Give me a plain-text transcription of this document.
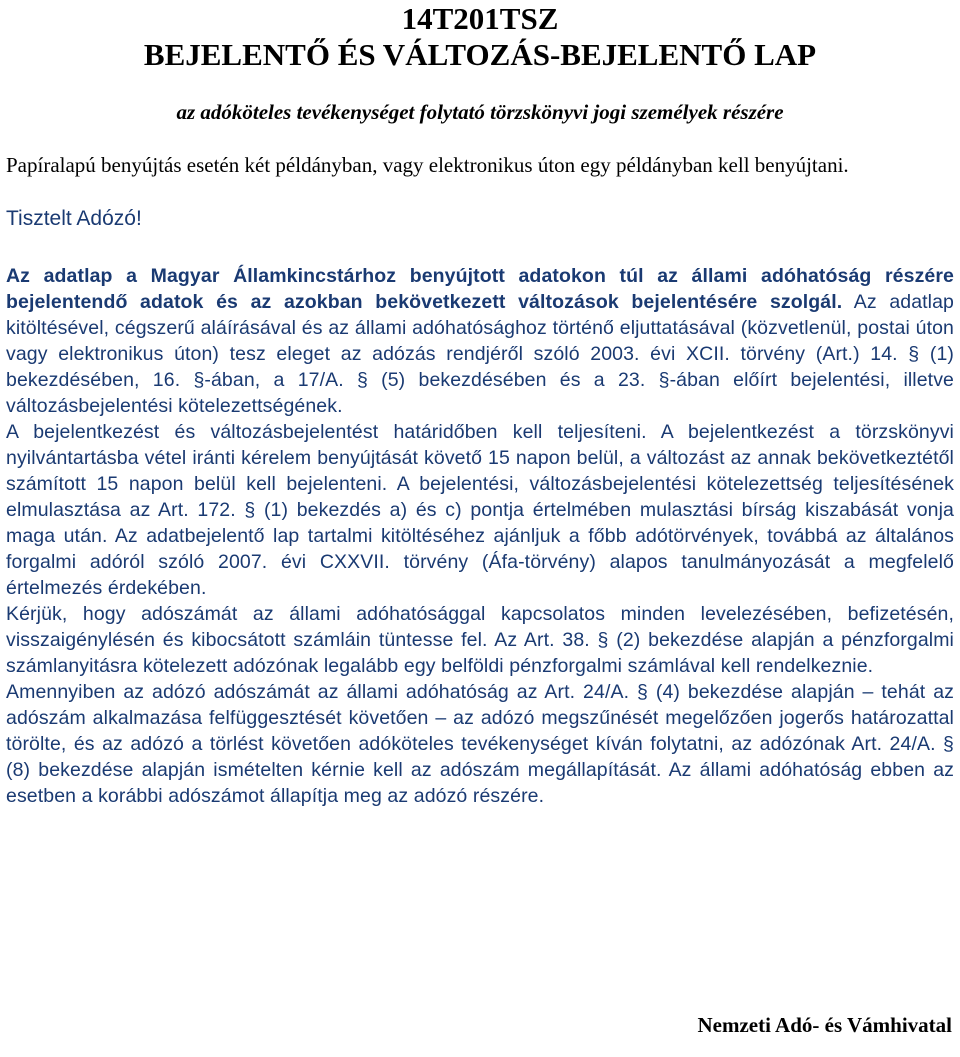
14T201TSZ
BEJELENTŐ ÉS VÁLTOZÁS-BEJELENTŐ LAP
az adóköteles tevékenységet folytató törzskönyvi jogi személyek részére
Papíralapú benyújtás esetén két példányban, vagy elektronikus úton egy példányban kell benyújtani.
Tisztelt Adózó!

Az adatlap a Magyar Államkincstárhoz benyújtott adatokon túl az állami adóhatóság részére bejelentendő adatok és az azokban bekövetkezett változások bejelentésére szolgál. Az adatlap kitöltésével, cégszerű aláírásával és az állami adóhatósághoz történő eljuttatásával (közvetlenül, postai úton vagy elektronikus úton) tesz eleget az adózás rendjéről szóló 2003. évi XCII. törvény (Art.) 14. § (1) bekezdésében, 16. §-ában, a 17/A. § (5) bekezdésében és a 23. §-ában előírt bejelentési, illetve változásbejelentési kötelezettségének.

A bejelentkezést és változásbejelentést határidőben kell teljesíteni. A bejelentkezést a törzskönyvi nyilvántartásba vétel iránti kérelem benyújtását követő 15 napon belül, a változást az annak bekövetkeztétől számított 15 napon belül kell bejelenteni. A bejelentési, változásbejelentési kötelezettség teljesítésének elmulasztása az Art. 172. § (1) bekezdés a) és c) pontja értelmében mulasztási bírság kiszabását vonja maga után. Az adatbejelentő lap tartalmi kitöltéséhez ajánljuk a főbb adótörvények, továbbá az általános forgalmi adóról szóló 2007. évi CXXVII. törvény (Áfa-törvény) alapos tanulmányozását a megfelelő értelmezés érdekében.

Kérjük, hogy adószámát az állami adóhatósággal kapcsolatos minden levelezésében, befizetésén, visszaigénylésén és kibocsátott számláin tüntesse fel. Az Art. 38. § (2) bekezdése alapján a pénzforgalmi számlanyitásra kötelezett adózónak legalább egy belföldi pénzforgalmi számlával kell rendelkeznie.

Amennyiben az adózó adószámát az állami adóhatóság az Art. 24/A. § (4) bekezdése alapján – tehát az adószám alkalmazása felfüggesztését követően – az adózó megszűnését megelőzően jogerős határozattal törölte, és az adózó a törlést követően adóköteles tevékenységet kíván folytatni, az adózónak Art. 24/A. § (8) bekezdése alapján ismételten kérnie kell az adószám megállapítását. Az állami adóhatóság ebben az esetben a korábbi adószámot állapítja meg az adózó részére.

Nemzeti Adó- és Vámhivatal
